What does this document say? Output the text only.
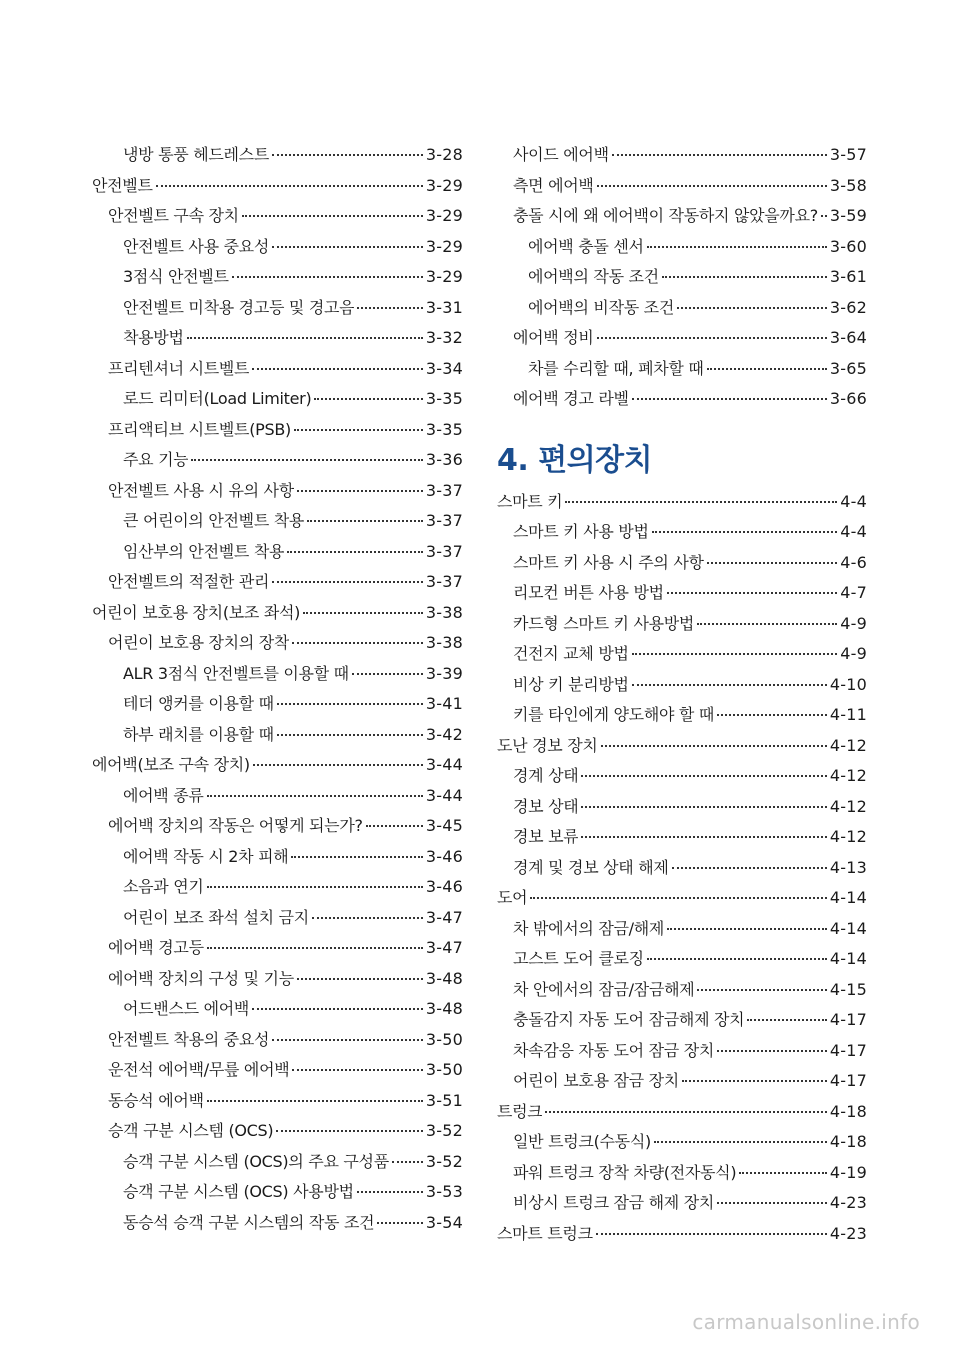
냉방 통풍 헤드레스트	3-28
안전벨트	3-29
안전벨트 구속 장치	3-29
안전벨트 사용 중요성	3-29
3점식 안전벨트	3-29
안전벨트 미착용 경고등 및 경고음	3-31
착용방법	3-32
프리텐셔너 시트벨트	3-34
로드 리미터(Load Limiter)	3-35
프리액티브 시트벨트(PSB)	3-35
주요 기능	3-36
안전벨트 사용 시 유의 사항	3-37
큰 어린이의 안전벨트 착용	3-37
임산부의 안전벨트 착용	3-37
안전벨트의 적절한 관리	3-37
어린이 보호용 장치(보조 좌석)	3-38
어린이 보호용 장치의 장착	3-38
ALR 3점식 안전벨트를 이용할 때	3-39
테더 앵커를 이용할 때	3-41
하부 래치를 이용할 때	3-42
에어백(보조 구속 장치)	3-44
에어백 종류	3-44
에어백 장치의 작동은 어떻게 되는가?	3-45
에어백 작동 시 2차 피해	3-46
소음과 연기	3-46
어린이 보조 좌석 설치 금지	3-47
에어백 경고등	3-47
에어백 장치의 구성 및 기능	3-48
어드밴스드 에어백	3-48
안전벨트 착용의 중요성	3-50
운전석 에어백/무릎 에어백	3-50
동승석 에어백	3-51
승객 구분 시스템 (OCS)	3-52
승객 구분 시스템 (OCS)의 주요 구성품 3-52
승객 구분 시스템 (OCS) 사용방법	3-53
동승석 승객 구분 시스템의 작동 조건	3-54
사이드 에어백	3-57
측면 에어백	3-58
충돌 시에 왜 에어백이 작동하지 않았을까요? 3-59
에어백 충돌 센서	3-60
에어백의 작동 조건	3-61
에어백의 비작동 조건	3-62
에어백 정비	3-64
차를 수리할 때, 폐차할 때	3-65
에어백 경고 라벨	3-66
4. 편의장치
스마트 키	4-4
스마트 키 사용 방법	4-4
스마트 키 사용 시 주의 사항	4-6
리모컨 버튼 사용 방법	4-7
카드형 스마트 키 사용방법	4-9
건전지 교체 방법	4-9
비상 키 분리방법	4-10
키를 타인에게 양도해야 할 때	4-11
도난 경보 장치	4-12
경계 상태	4-12
경보 상태	4-12
경보 보류	4-12
경계 및 경보 상태 해제	4-13
도어	4-14
차 밖에서의 잠금/해제	4-14
고스트 도어 클로징	4-14
차 안에서의 잠금/잠금해제	4-15
충돌감지 자동 도어 잠금해제 장치	4-17
차속감응 자동 도어 잠금 장치	4-17
어린이 보호용 잠금 장치	4-17
트렁크	4-18
일반 트렁크(수동식)	4-18
파워 트렁크 장착 차량(전자동식)	4-19
비상시 트렁크 잠금 해제 장치	4-23
스마트 트렁크	4-23
carmanualsonline.info
